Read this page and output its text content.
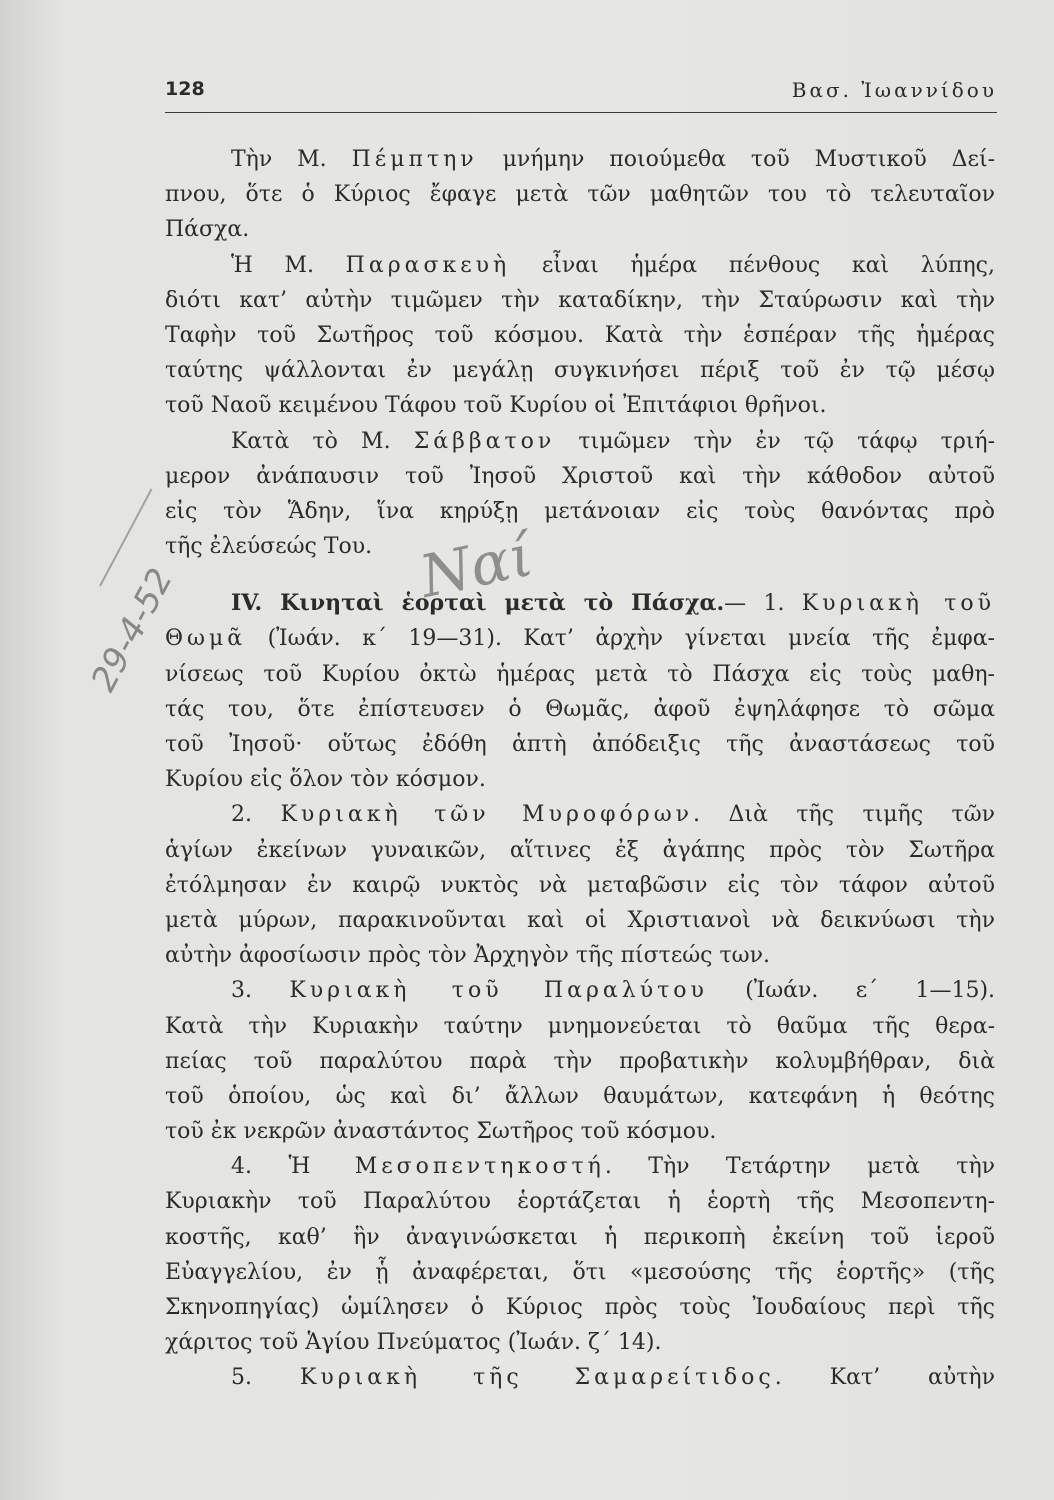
128	Βασ. Ἰωαννίδου
Τὴν Μ. Πέμπτην μνήμην ποιούμεθα τοῦ Μυστικοῦ Δεί-
πνου, ὅτε ὁ Κύριος ἔφαγε μετὰ τῶν μαθητῶν του τὸ τελευταῖον
Πάσχα.
Ἡ Μ. Παρασκευὴ εἶναι ἡμέρα πένθους καὶ λύπης,
διότι κατ’ αὐτὴν τιμῶμεν τὴν καταδίκην, τὴν Σταύρωσιν καὶ τὴν
Ταφὴν τοῦ Σωτῆρος τοῦ κόσμου. Κατὰ τὴν ἑσπέραν τῆς ἡμέρας
ταύτης ψάλλονται ἐν μεγάλῃ συγκινήσει πέριξ τοῦ ἐν τῷ μέσῳ
τοῦ Ναοῦ κειμένου Τάφου τοῦ Κυρίου οἱ Ἐπιτάφιοι θρῆνοι.
Κατὰ τὸ Μ. Σάββατον τιμῶμεν τὴν ἐν τῷ τάφῳ τριή-
μερον ἀνάπαυσιν τοῦ Ἰησοῦ Χριστοῦ καὶ τὴν κάθοδον αὐτοῦ
εἰς τὸν Ἅδην, ἵνα κηρύξῃ μετάνοιαν εἰς τοὺς θανόντας πρὸ
τῆς ἐλεύσεώς Του.
IV. Κινηταὶ ἑορταὶ μετὰ τὸ Πάσχα.— 1. Κυριακὴ τοῦ
Θωμᾶ (Ἰωάν. κ΄ 19—31). Κατ’ ἀρχὴν γίνεται μνεία τῆς ἐμφα-
νίσεως τοῦ Κυρίου ὀκτὼ ἡμέρας μετὰ τὸ Πάσχα εἰς τοὺς μαθη-
τάς του, ὅτε ἐπίστευσεν ὁ Θωμᾶς, ἀφοῦ ἐψηλάφησε τὸ σῶμα
τοῦ Ἰησοῦ· οὕτως ἐδόθη ἁπτὴ ἀπόδειξις τῆς ἀναστάσεως τοῦ
Κυρίου εἰς ὅλον τὸν κόσμον.
2. Κυριακὴ τῶν Μυροφόρων. Διὰ τῆς τιμῆς τῶν
ἁγίων ἐκείνων γυναικῶν, αἵτινες ἐξ ἀγάπης πρὸς τὸν Σωτῆρα
ἐτόλμησαν ἐν καιρῷ νυκτὸς νὰ μεταβῶσιν εἰς τὸν τάφον αὐτοῦ
μετὰ μύρων, παρακινοῦνται καὶ οἱ Χριστιανοὶ νὰ δεικνύωσι τὴν
αὐτὴν ἀφοσίωσιν πρὸς τὸν Ἀρχηγὸν τῆς πίστεώς των.
3. Κυριακὴ τοῦ Παραλύτου (Ἰωάν. ε΄ 1—15).
Κατὰ τὴν Κυριακὴν ταύτην μνημονεύεται τὸ θαῦμα τῆς θερα-
πείας τοῦ παραλύτου παρὰ τὴν προβατικὴν κολυμβήθραν, διὰ
τοῦ ὁποίου, ὡς καὶ δι’ ἄλλων θαυμάτων, κατεφάνη ἡ θεότης
τοῦ ἐκ νεκρῶν ἀναστάντος Σωτῆρος τοῦ κόσμου.
4. Ἡ Μεσοπεντηκοστή. Τὴν Τετάρτην μετὰ τὴν
Κυριακὴν τοῦ Παραλύτου ἑορτάζεται ἡ ἑορτὴ τῆς Μεσοπεντη-
κοστῆς, καθ’ ἣν ἀναγινώσκεται ἡ περικοπὴ ἐκείνη τοῦ ἱεροῦ
Εὐαγγελίου, ἐν ᾗ ἀναφέρεται, ὅτι «μεσούσης τῆς ἑορτῆς» (τῆς
Σκηνοπηγίας) ὡμίλησεν ὁ Κύριος πρὸς τοὺς Ἰουδαίους περὶ τῆς
χάριτος τοῦ Ἁγίου Πνεύματος (Ἰωάν. ζ΄ 14).
5. Κυριακὴ τῆς Σαμαρείτιδος. Κατ’ αὐτὴν
Ναί
29-4-52
